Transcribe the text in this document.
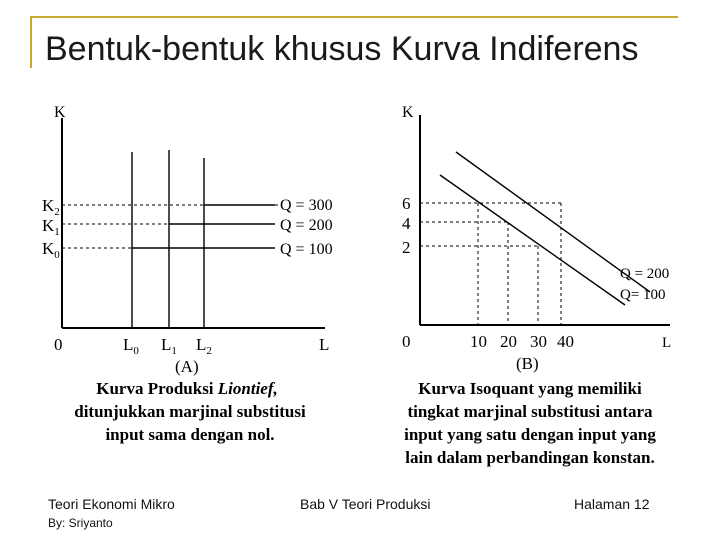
K
L
0
$K_2$
$K_1$
$K_0$
$L_0$ $L_1$ $L_2$
Q = 300
Q = 200
Q = 100
(A)
Kurva Produksi Liontief,
ditunjukkan marjinal substitusi
input sama dengan nol.
K
L
0
6
4
2
10 20 30 40
Q = 200
Q= 100
(B)
Kurva Isoquant yang memiliki
tingkat marjinal substitusi antara
input yang satu dengan input yang
lain dalam perbandingan konstan.
Bentuk-bentuk khusus Kurva Indiferens
Teori Ekonomi Mikro
By: Sriyanto
Bab V Teori Produksi	Halaman 12
